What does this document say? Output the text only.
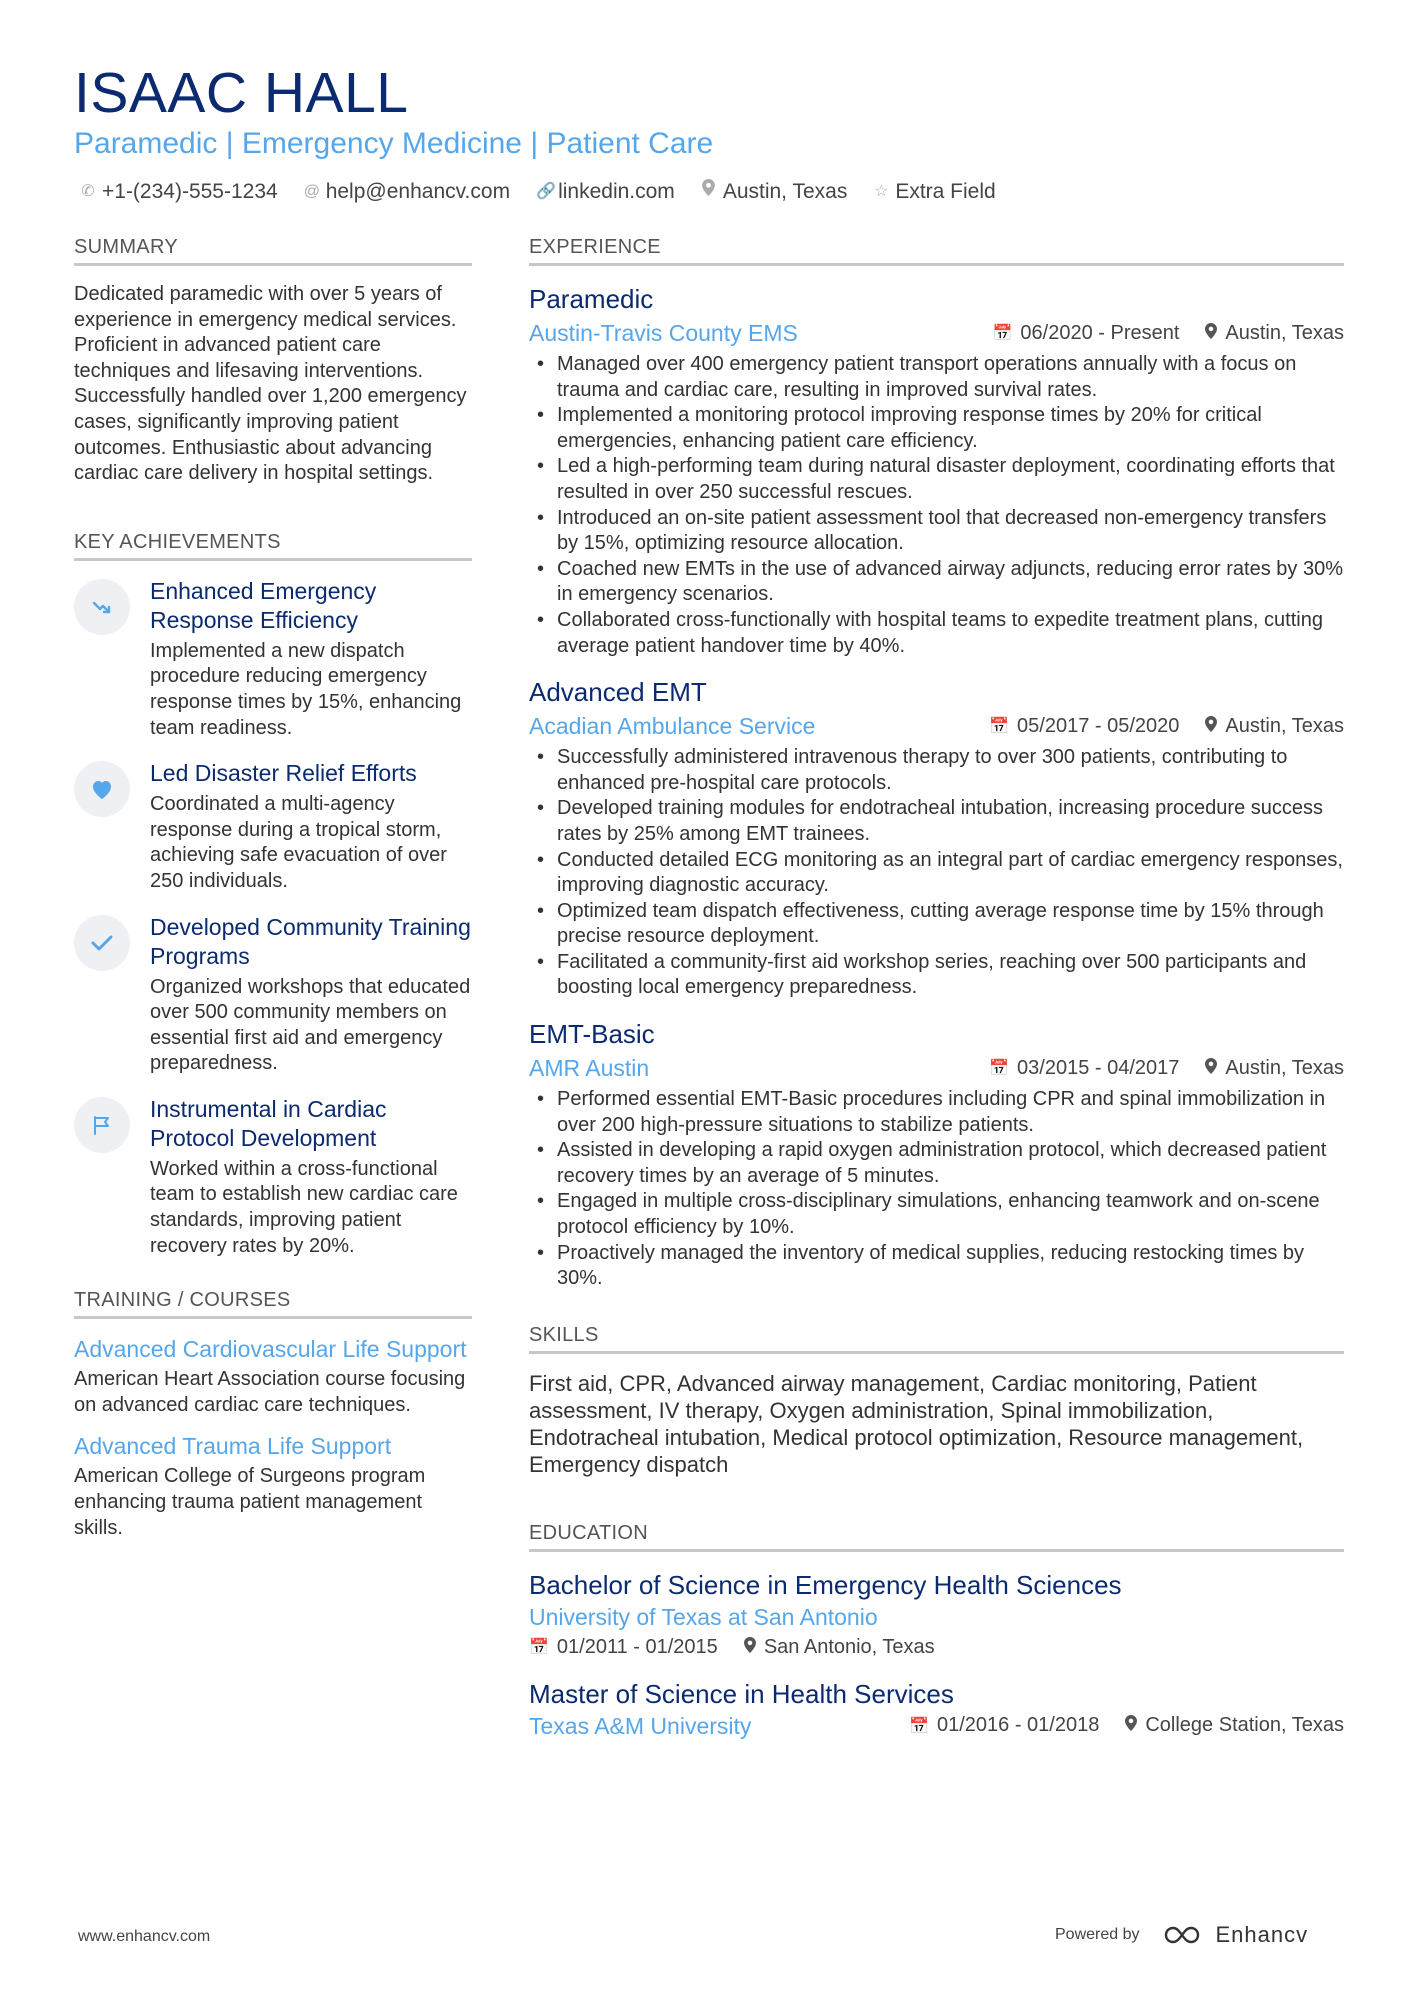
ISAAC HALL
Paramedic | Emergency Medicine | Patient Care
✆ +1-(234)-555-1234 @ help@enhancv.com 🔗 linkedin.com Austin, Texas ☆ Extra Field
SUMMARY
Dedicated paramedic with over 5 years of experience in emergency medical services. Proficient in advanced patient care techniques and lifesaving interventions. Successfully handled over 1,200 emergency cases, significantly improving patient outcomes. Enthusiastic about advancing cardiac care delivery in hospital settings.
KEY ACHIEVEMENTS
Enhanced Emergency Response Efficiency
Implemented a new dispatch procedure reducing emergency response times by 15%, enhancing team readiness.
Led Disaster Relief Efforts
Coordinated a multi-agency response during a tropical storm, achieving safe evacuation of over 250 individuals.
Developed Community Training Programs
Organized workshops that educated over 500 community members on essential first aid and emergency preparedness.
Instrumental in Cardiac Protocol Development
Worked within a cross-functional team to establish new cardiac care standards, improving patient recovery rates by 20%.
TRAINING / COURSES
Advanced Cardiovascular Life Support
American Heart Association course focusing on advanced cardiac care techniques.
Advanced Trauma Life Support
American College of Surgeons program enhancing trauma patient management skills.
EXPERIENCE
Paramedic
Austin-Travis County EMS	📅 06/2020 - Present Austin, Texas
• Managed over 400 emergency patient transport operations annually with a focus on trauma and cardiac care, resulting in improved survival rates.
• Implemented a monitoring protocol improving response times by 20% for critical emergencies, enhancing patient care efficiency.
• Led a high-performing team during natural disaster deployment, coordinating efforts that resulted in over 250 successful rescues.
• Introduced an on-site patient assessment tool that decreased non-emergency transfers by 15%, optimizing resource allocation.
• Coached new EMTs in the use of advanced airway adjuncts, reducing error rates by 30% in emergency scenarios.
• Collaborated cross-functionally with hospital teams to expedite treatment plans, cutting average patient handover time by 40%.
Advanced EMT
Acadian Ambulance Service	📅 05/2017 - 05/2020 Austin, Texas
• Successfully administered intravenous therapy to over 300 patients, contributing to enhanced pre-hospital care protocols.
• Developed training modules for endotracheal intubation, increasing procedure success rates by 25% among EMT trainees.
• Conducted detailed ECG monitoring as an integral part of cardiac emergency responses, improving diagnostic accuracy.
• Optimized team dispatch effectiveness, cutting average response time by 15% through precise resource deployment.
• Facilitated a community-first aid workshop series, reaching over 500 participants and boosting local emergency preparedness.
EMT-Basic
AMR Austin	📅 03/2015 - 04/2017 Austin, Texas
• Performed essential EMT-Basic procedures including CPR and spinal immobilization in over 200 high-pressure situations to stabilize patients.
• Assisted in developing a rapid oxygen administration protocol, which decreased patient recovery times by an average of 5 minutes.
• Engaged in multiple cross-disciplinary simulations, enhancing teamwork and on-scene protocol efficiency by 10%.
• Proactively managed the inventory of medical supplies, reducing restocking times by 30%.
SKILLS
First aid, CPR, Advanced airway management, Cardiac monitoring, Patient assessment, IV therapy, Oxygen administration, Spinal immobilization, Endotracheal intubation, Medical protocol optimization, Resource management, Emergency dispatch
EDUCATION
Bachelor of Science in Emergency Health Sciences
University of Texas at San Antonio
📅 01/2011 - 01/2015 San Antonio, Texas
Master of Science in Health Services
Texas A&M University	📅 01/2016 - 01/2018 College Station, Texas
www.enhancv.com	Powered by	Enhancv
